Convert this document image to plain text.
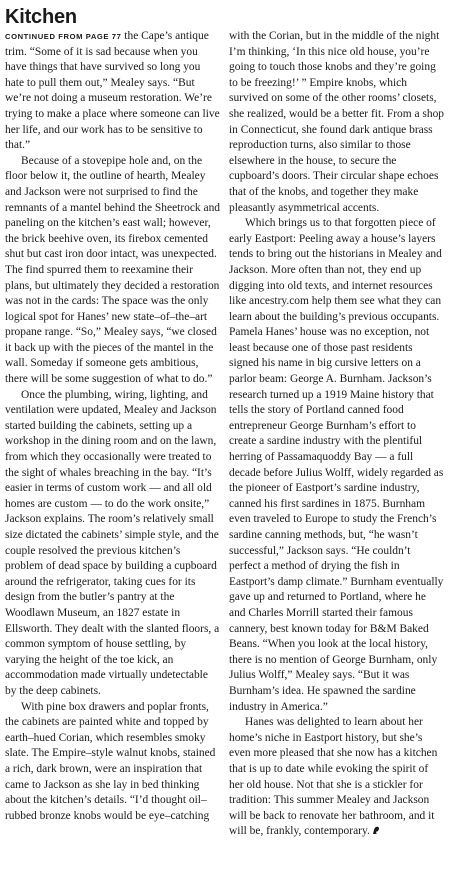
Kitchen

CONTINUED FROM PAGE 77 the Cape’s antique trim. “Some of it is sad because when you have things that have survived so long you hate to pull them out,” Mealey says. “But we’re not doing a museum restoration. We’re trying to make a place where someone can live her life, and our work has to be sensitive to that.”

Because of a stovepipe hole and, on the floor below it, the outline of hearth, Mealey and Jackson were not surprised to find the remnants of a mantel behind the Sheetrock and paneling on the kitchen’s east wall; however, the brick beehive oven, its firebox cemented shut but cast iron door intact, was unexpected. The find spurred them to reexamine their plans, but ultimately they decided a restoration was not in the cards: The space was the only logical spot for Hanes’ new state–of–the–art propane range. “So,” Mealey says, “we closed it back up with the pieces of the mantel in the wall. Someday if someone gets ambitious, there will be some suggestion of what to do.”

Once the plumbing, wiring, lighting, and ventilation were updated, Mealey and Jackson started building the cabinets, setting up a workshop in the dining room and on the lawn, from which they occasionally were treated to the sight of whales breaching in the bay. “It’s easier in terms of custom work — and all old homes are custom — to do the work onsite,” Jackson explains. The room’s relatively small size dictated the cabinets’ simple style, and the couple resolved the previous kitchen’s problem of dead space by building a cupboard around the refrigerator, taking cues for its design from the butler’s pantry at the Woodlawn Museum, an 1827 estate in Ellsworth. They dealt with the slanted floors, a common symptom of house settling, by varying the height of the toe kick, an accommodation made virtually undetectable by the deep cabinets.

With pine box drawers and poplar fronts, the cabinets are painted white and topped by earth–hued Corian, which resembles smoky slate. The Empire–style walnut knobs, stained a rich, dark brown, were an inspiration that came to Jackson as she lay in bed thinking about the kitchen’s details. “I’d thought oil–rubbed bronze knobs would be eye–catching

with the Corian, but in the middle of the night I’m thinking, ‘In this nice old house, you’re going to touch those knobs and they’re going to be freezing!’ ” Empire knobs, which survived on some of the other rooms’ closets, she realized, would be a better fit. From a shop in Connecticut, she found dark antique brass reproduction turns, also similar to those elsewhere in the house, to secure the cupboard’s doors. Their circular shape echoes that of the knobs, and together they make pleasantly asymmetrical accents.

Which brings us to that forgotten piece of early Eastport: Peeling away a house’s layers tends to bring out the historians in Mealey and Jackson. More often than not, they end up digging into old texts, and internet resources like ancestry.com help them see what they can learn about the building’s previous occupants. Pamela Hanes’ house was no exception, not least because one of those past residents signed his name in big cursive letters on a parlor beam: George A. Burnham. Jackson’s research turned up a 1919 Maine history that tells the story of Portland canned food entrepreneur George Burnham’s effort to create a sardine industry with the plentiful herring of Passamaquoddy Bay — a full decade before Julius Wolff, widely regarded as the pioneer of Eastport’s sardine industry, canned his first sardines in 1875. Burnham even traveled to Europe to study the French’s sardine canning methods, but, “he wasn’t successful,” Jackson says. “He couldn’t perfect a method of drying the fish in Eastport’s damp climate.” Burnham eventually gave up and returned to Portland, where he and Charles Morrill started their famous cannery, best known today for B&M Baked Beans. “When you look at the local history, there is no mention of George Burnham, only Julius Wolff,” Mealey says. “But it was Burnham’s idea. He spawned the sardine industry in America.”

Hanes was delighted to learn about her home’s niche in Eastport history, but she’s even more pleased that she now has a kitchen that is up to date while evoking the spirit of her old house. Not that she is a stickler for tradition: This summer Mealey and Jackson will be back to renovate her bathroom, and it will be, frankly, contemporary.
